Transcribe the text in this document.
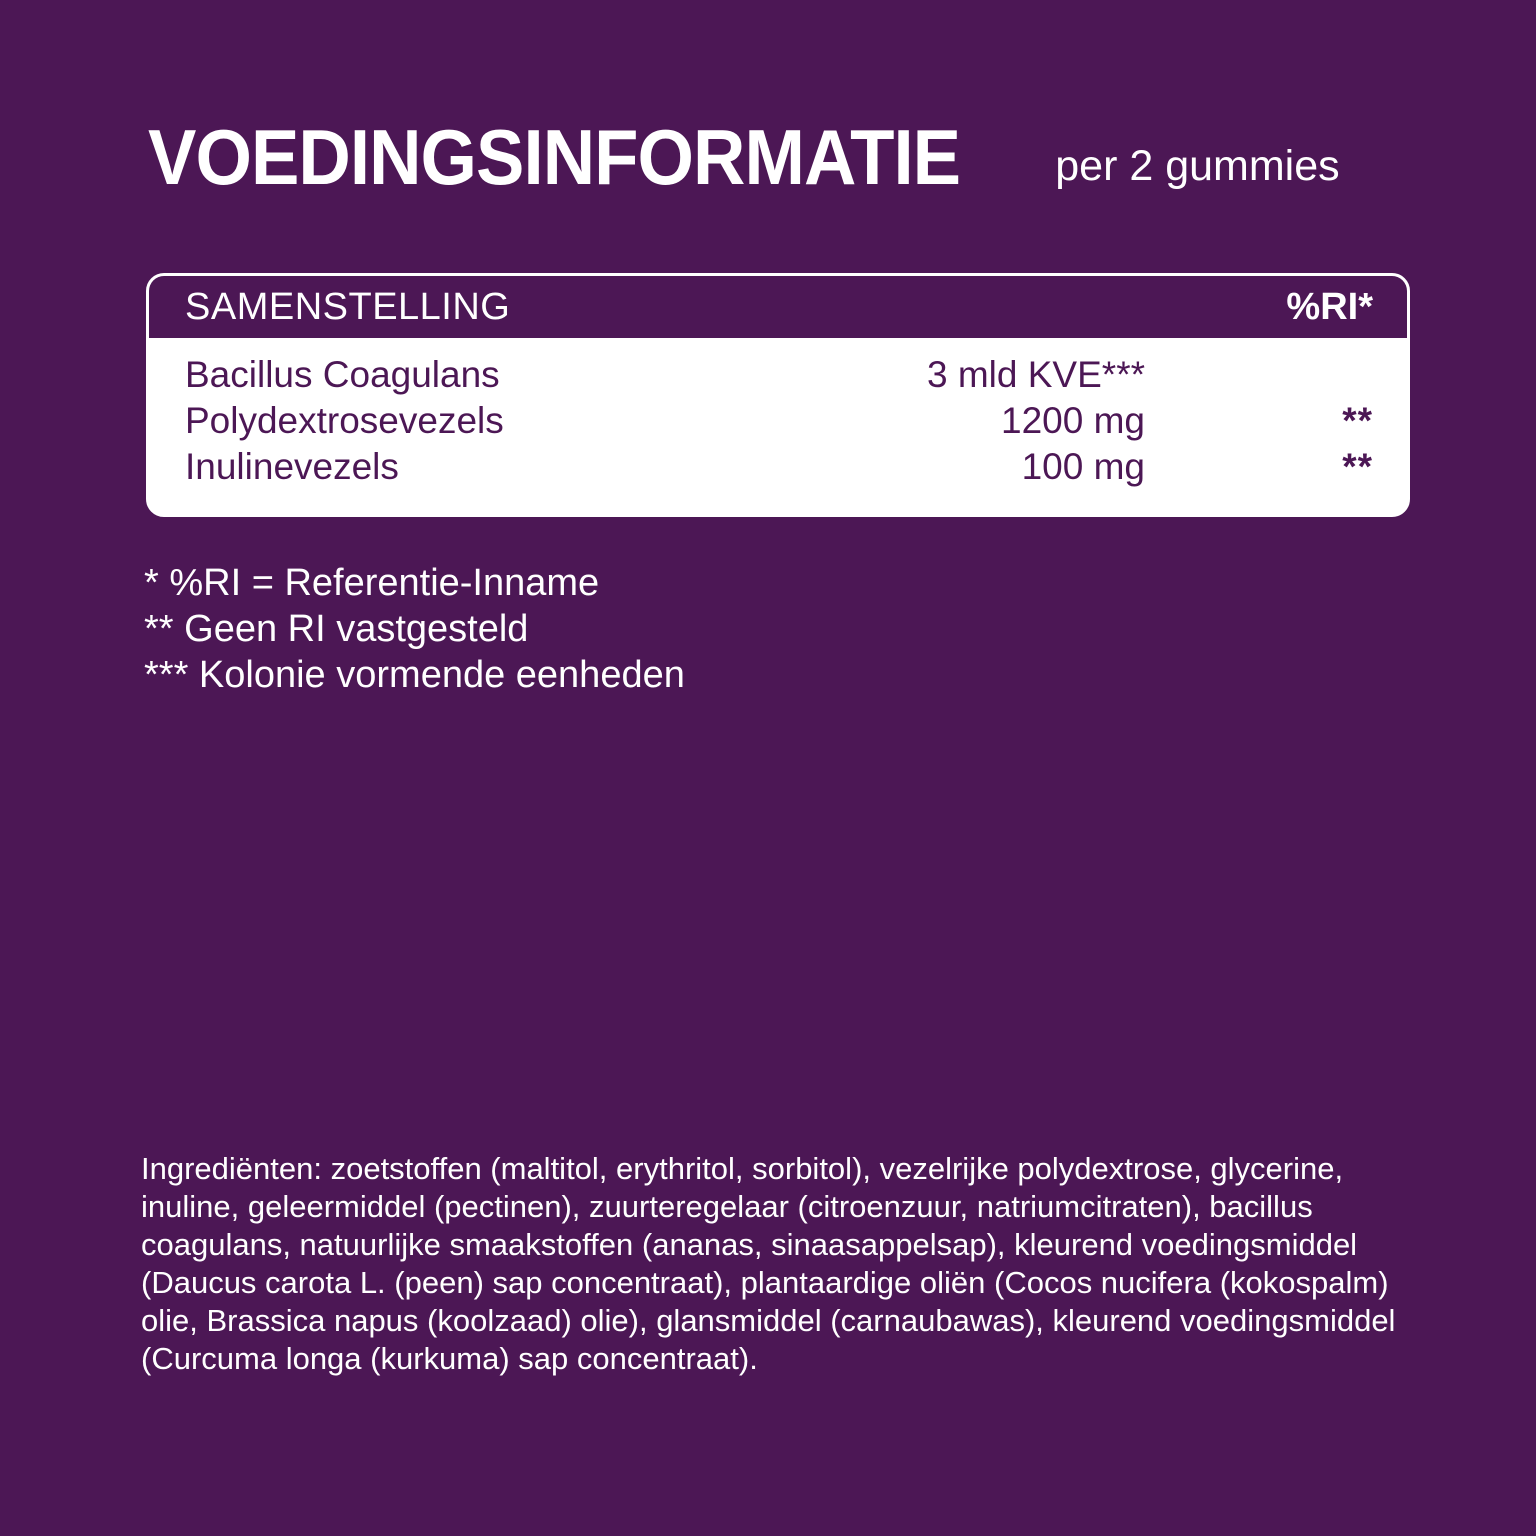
VOEDINGSINFORMATIE per 2 gummies
SAMENSTELLING	%RI*
Bacillus Coagulans	3 mld KVE***
Polydextrosevezels	1200 mg	**
Inulinevezels	100 mg	**
* %RI = Referentie-Inname
** Geen RI vastgesteld
*** Kolonie vormende eenheden
Ingrediënten: zoetstoffen (maltitol, erythritol, sorbitol), vezelrijke polydextrose, glycerine, inuline, geleermiddel (pectinen), zuurteregelaar (citroenzuur, natriumcitraten), bacillus coagulans, natuurlijke smaakstoffen (ananas, sinaasappelsap), kleurend voedingsmiddel (Daucus carota L. (peen) sap concentraat), plantaardige oliën (Cocos nucifera (kokospalm) olie, Brassica napus (koolzaad) olie), glansmiddel (carnaubawas), kleurend voedingsmiddel (Curcuma longa (kurkuma) sap concentraat).
